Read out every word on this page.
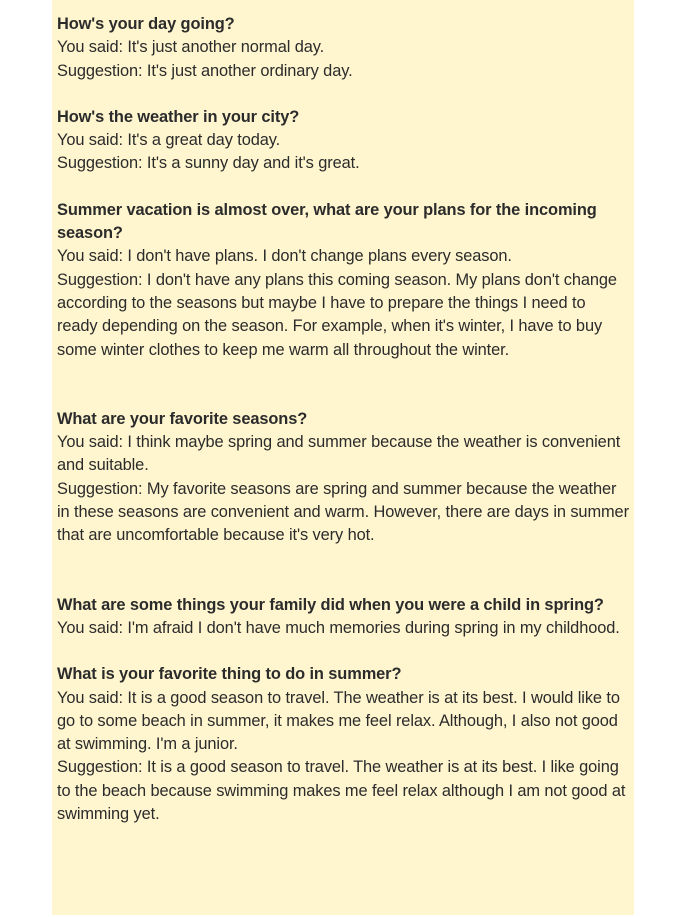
How's your day going?
You said: It's just another normal day.
Suggestion: It's just another ordinary day.
How's the weather in your city?
You said: It's a great day today.
Suggestion: It's a sunny day and it's great.
Summer vacation is almost over, what are your plans for the incoming season?
You said: I don't have plans. I don't change plans every season.
Suggestion: I don't have any plans this coming season. My plans don't change according to the seasons but maybe I have to prepare the things I need to ready depending on the season. For example, when it's winter, I have to buy some winter clothes to keep me warm all throughout the winter.
What are your favorite seasons?
You said: I think maybe spring and summer because the weather is convenient and suitable.
Suggestion: My favorite seasons are spring and summer because the weather in these seasons are convenient and warm. However, there are days in summer that are uncomfortable because it's very hot.
What are some things your family did when you were a child in spring?
You said: I'm afraid I don't have much memories during spring in my childhood.
What is your favorite thing to do in summer?
You said: It is a good season to travel. The weather is at its best. I would like to go to some beach in summer, it makes me feel relax. Although, I also not good at swimming. I'm a junior.
Suggestion: It is a good season to travel. The weather is at its best. I like going to the beach because swimming makes me feel relax although I am not good at swimming yet.
